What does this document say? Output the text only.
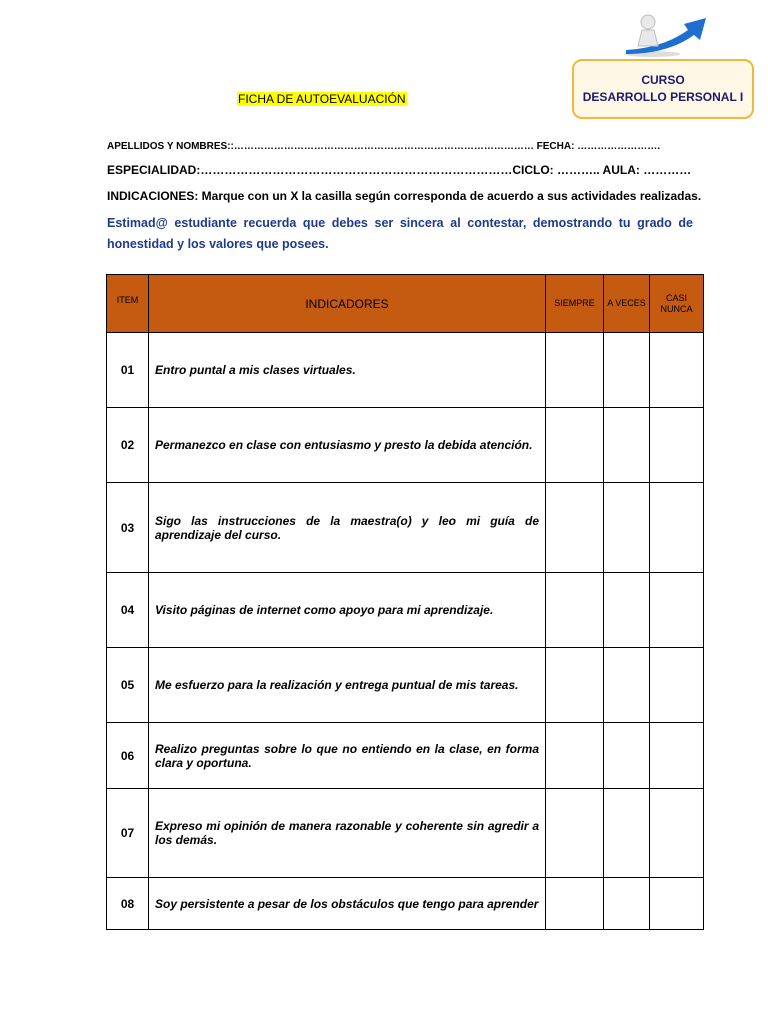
CURSO
DESARROLLO PERSONAL I
FICHA DE AUTOEVALUACIÓN
APELLIDOS Y NOMBRES::……………………………………………………………………………… FECHA: …………………….
ESPECIALIDAD:……………………………………………………………………CICLO: ……….. AULA: …………
INDICACIONES: Marque con un X la casilla según corresponda de acuerdo a sus actividades realizadas.
Estimad@ estudiante recuerda que debes ser sincera al contestar, demostrando tu grado de honestidad y los valores que posees.
ITEM	INDICADORES	SIEMPRE	A VECES	CASI NUNCA
01	Entro puntal a mis clases virtuales.			
02	Permanezco en clase con entusiasmo y presto la debida atención.			
03	Sigo las instrucciones de la maestra(o) y leo mi guía de aprendizaje del curso.			
04	Visito páginas de internet como apoyo para mi aprendizaje.			
05	Me esfuerzo para la realización y entrega puntual de mis tareas.			
06	Realizo preguntas sobre lo que no entiendo en la clase, en forma clara y oportuna.			
07	Expreso mi opinión de manera razonable y coherente sin agredir a los demás.			
08	Soy persistente a pesar de los obstáculos que tengo para aprender			
